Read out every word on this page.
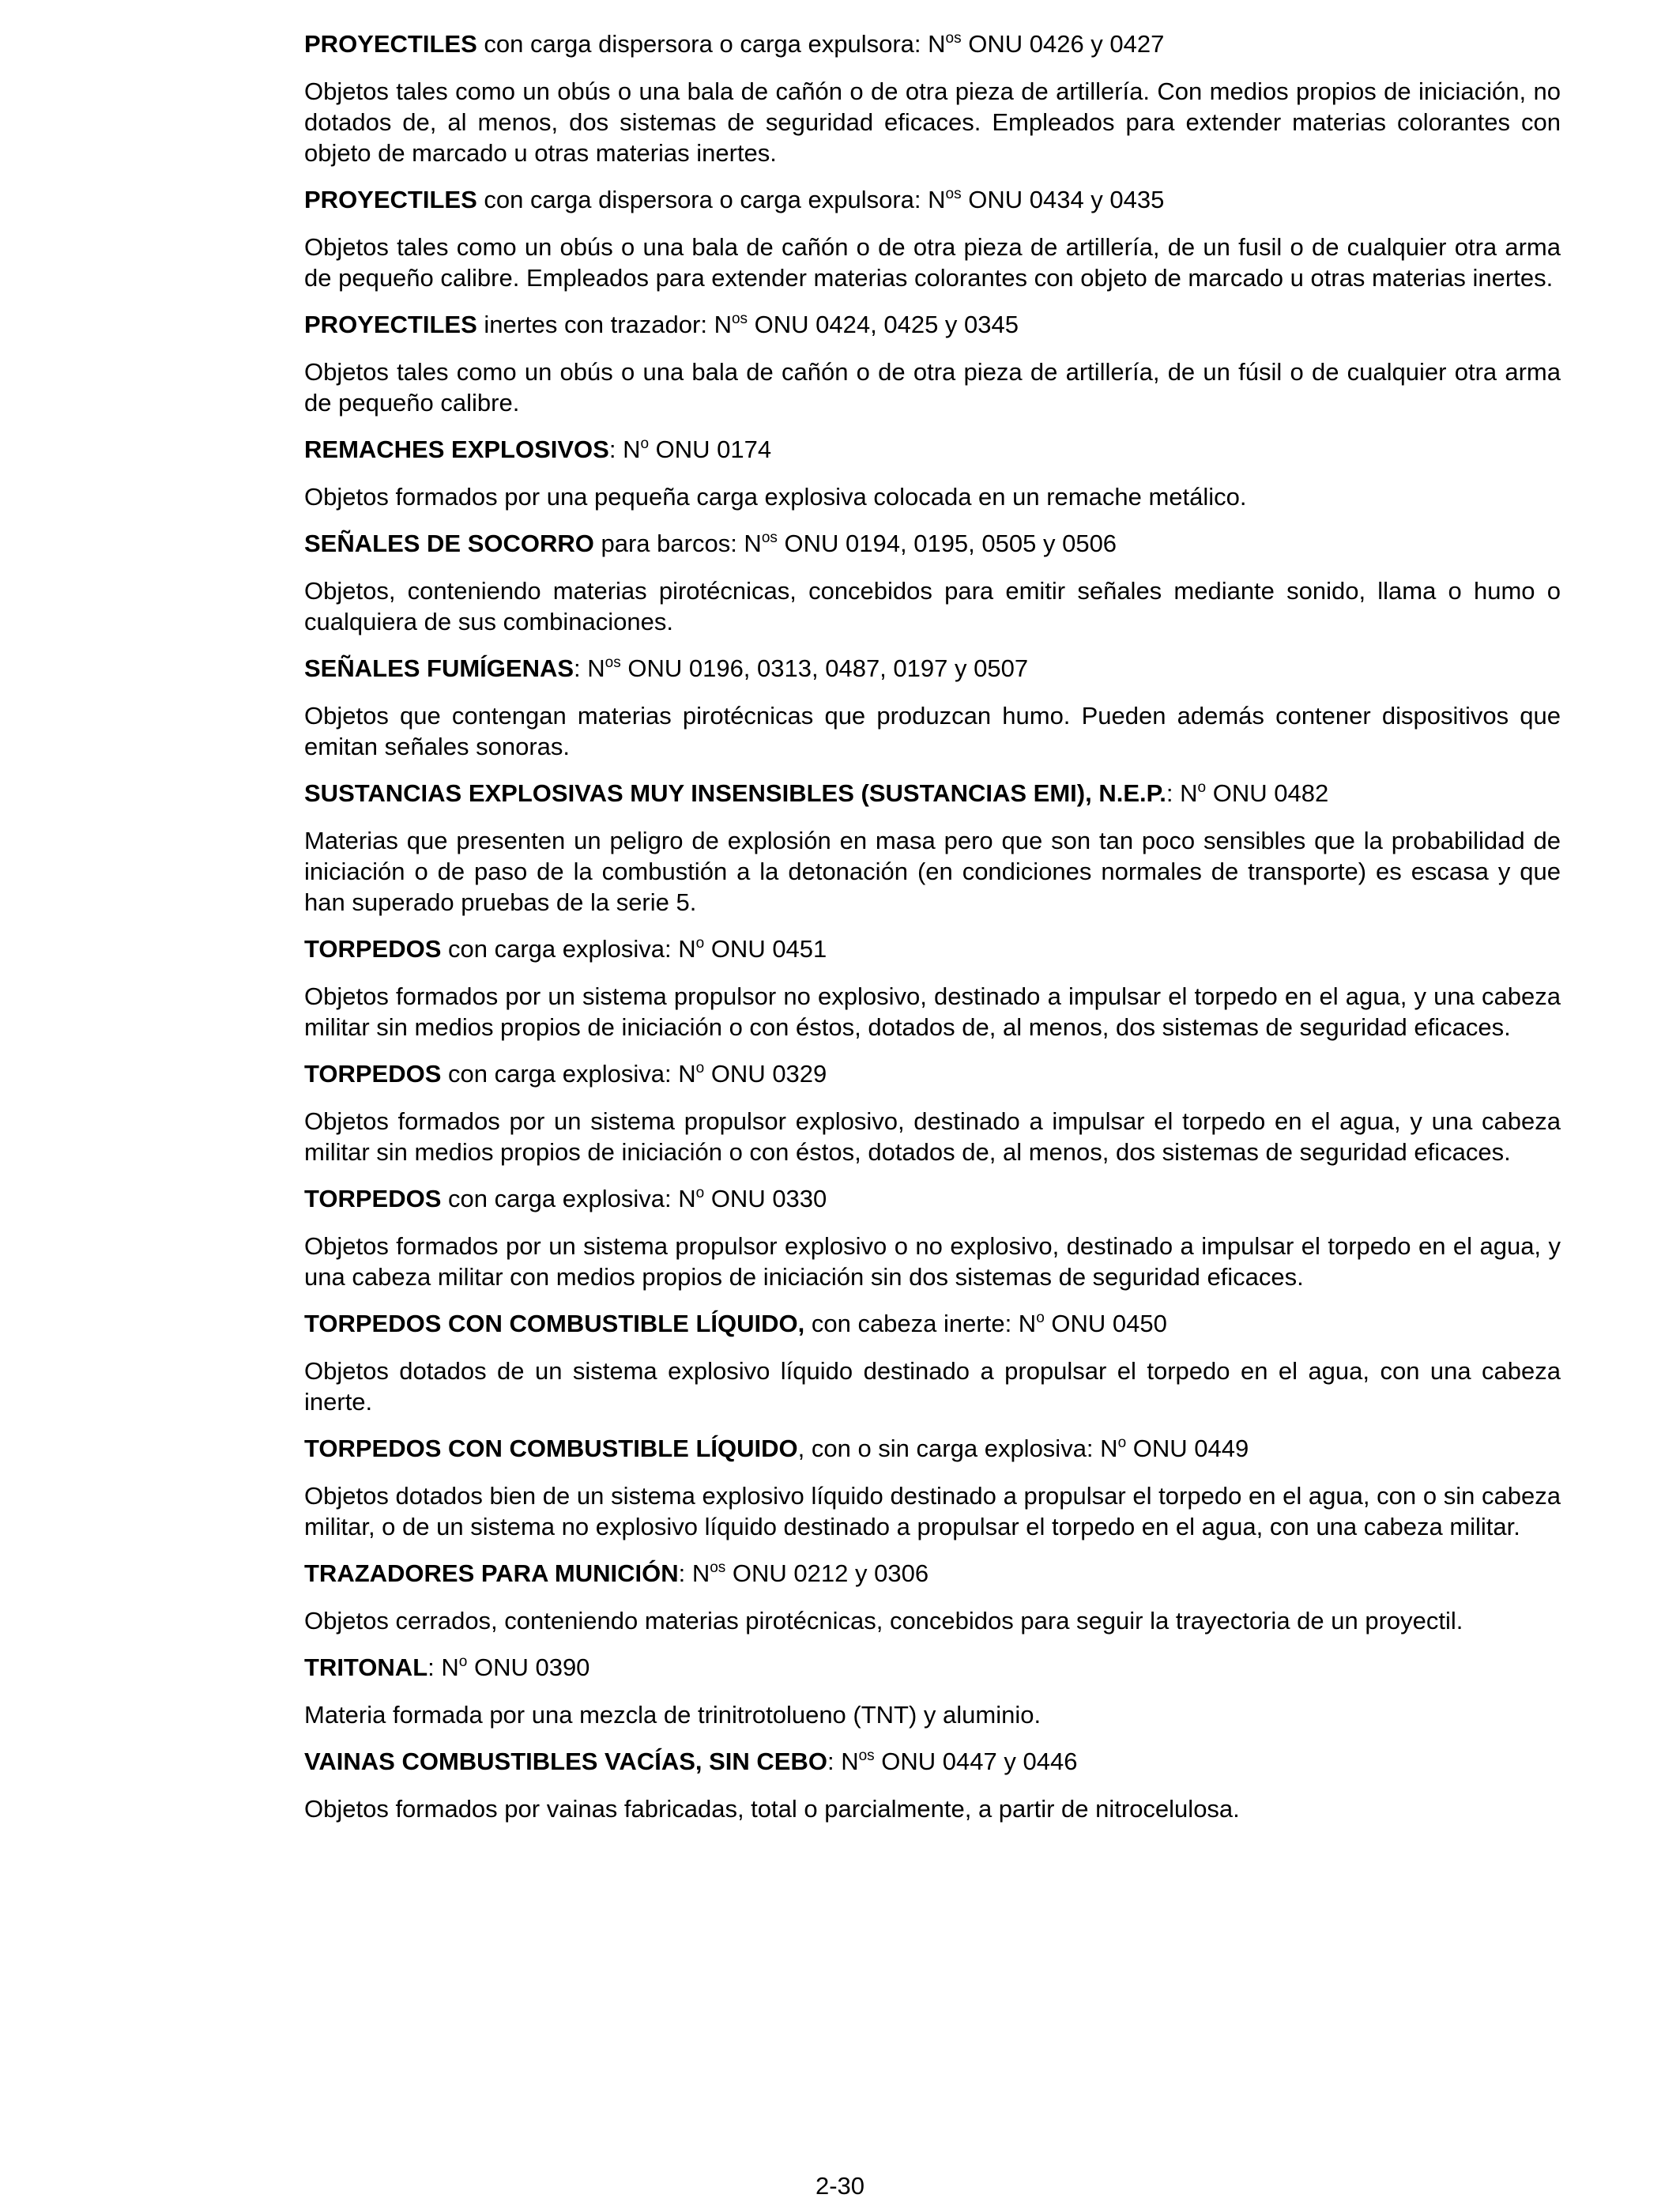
PROYECTILES con carga dispersora o carga expulsora: $N^{os}$ ONU 0426 y 0427

Objetos tales como un obús o una bala de cañón o de otra pieza de artillería. Con medios propios de iniciación, no dotados de, al menos, dos sistemas de seguridad eficaces. Empleados para extender materias colorantes con objeto de marcado u otras materias inertes.

PROYECTILES con carga dispersora o carga expulsora: $N^{os}$ ONU 0434 y 0435

Objetos tales como un obús o una bala de cañón o de otra pieza de artillería, de un fusil o de cualquier otra arma de pequeño calibre. Empleados para extender materias colorantes con objeto de marcado u otras materias inertes.

PROYECTILES inertes con trazador: $N^{os}$ ONU 0424, 0425 y 0345

Objetos tales como un obús o una bala de cañón o de otra pieza de artillería, de un fúsil o de cualquier otra arma de pequeño calibre.

REMACHES EXPLOSIVOS: $N^o$ ONU 0174

Objetos formados por una pequeña carga explosiva colocada en un remache metálico.

SEÑALES DE SOCORRO para barcos: $N^{os}$ ONU 0194, 0195, 0505 y 0506

Objetos, conteniendo materias pirotécnicas, concebidos para emitir señales mediante sonido, llama o humo o cualquiera de sus combinaciones.

SEÑALES FUMÍGENAS: $N^{os}$ ONU 0196, 0313, 0487, 0197 y 0507

Objetos que contengan materias pirotécnicas que produzcan humo. Pueden además contener dispositivos que emitan señales sonoras.

SUSTANCIAS EXPLOSIVAS MUY INSENSIBLES (SUSTANCIAS EMI), N.E.P.: $N^o$ ONU 0482

Materias que presenten un peligro de explosión en masa pero que son tan poco sensibles que la probabilidad de iniciación o de paso de la combustión a la detonación (en condiciones normales de transporte) es escasa y que han superado pruebas de la serie 5.

TORPEDOS con carga explosiva: $N^o$ ONU 0451

Objetos formados por un sistema propulsor no explosivo, destinado a impulsar el torpedo en el agua, y una cabeza militar sin medios propios de iniciación o con éstos, dotados de, al menos, dos sistemas de seguridad eficaces.

TORPEDOS con carga explosiva: $N^o$ ONU 0329

Objetos formados por un sistema propulsor explosivo, destinado a impulsar el torpedo en el agua, y una cabeza militar sin medios propios de iniciación o con éstos, dotados de, al menos, dos sistemas de seguridad eficaces.

TORPEDOS con carga explosiva: $N^o$ ONU 0330

Objetos formados por un sistema propulsor explosivo o no explosivo, destinado a impulsar el torpedo en el agua, y una cabeza militar con medios propios de iniciación sin dos sistemas de seguridad eficaces.

TORPEDOS CON COMBUSTIBLE LÍQUIDO, con cabeza inerte: $N^o$ ONU 0450

Objetos dotados de un sistema explosivo líquido destinado a propulsar el torpedo en el agua, con una cabeza inerte.

TORPEDOS CON COMBUSTIBLE LÍQUIDO, con o sin carga explosiva: $N^o$ ONU 0449

Objetos dotados bien de un sistema explosivo líquido destinado a propulsar el torpedo en el agua, con o sin cabeza militar, o de un sistema no explosivo líquido destinado a propulsar el torpedo en el agua, con una cabeza militar.

TRAZADORES PARA MUNICIÓN: $N^{os}$ ONU 0212 y 0306

Objetos cerrados, conteniendo materias pirotécnicas, concebidos para seguir la trayectoria de un proyectil.

TRITONAL: $N^o$ ONU 0390

Materia formada por una mezcla de trinitrotolueno (TNT) y aluminio.

VAINAS COMBUSTIBLES VACÍAS, SIN CEBO: $N^{os}$ ONU 0447 y 0446

Objetos formados por vainas fabricadas, total o parcialmente, a partir de nitrocelulosa.

2-30
